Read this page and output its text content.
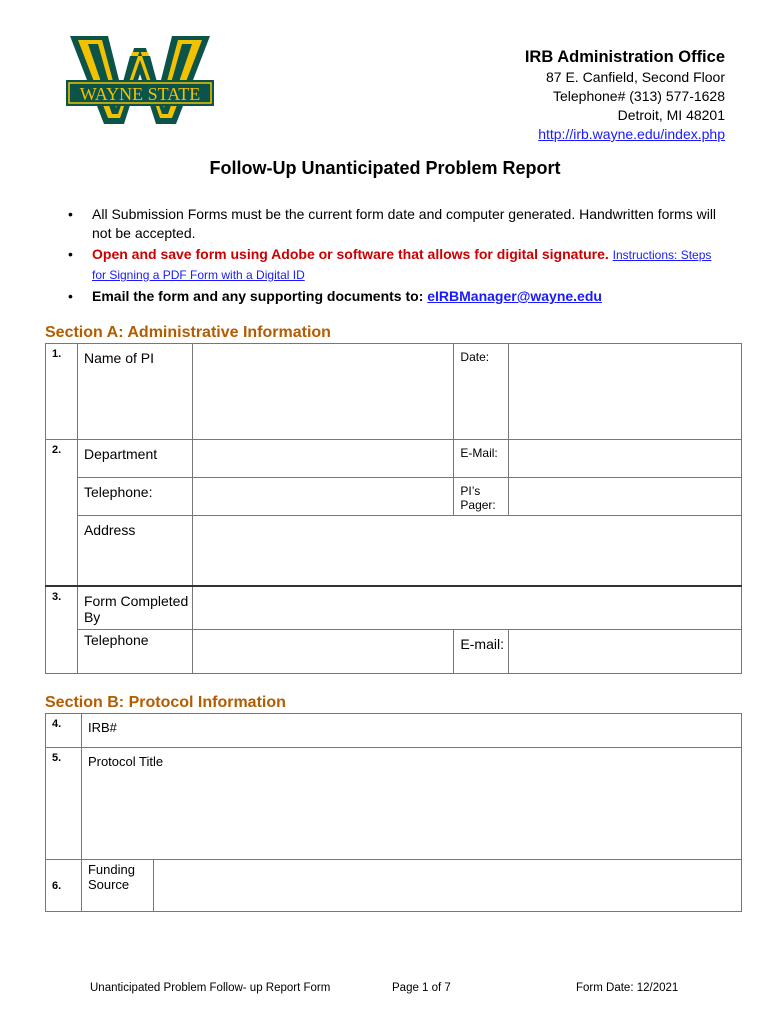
WAYNE STATE
IRB Administration Office
87 E. Canfield, Second Floor
Telephone# (313) 577-1628
Detroit, MI 48201
http://irb.wayne.edu/index.php
Follow-Up Unanticipated Problem Report
• All Submission Forms must be the current form date and computer generated. Handwritten forms will not be accepted.
• Open and save form using Adobe or software that allows for digital signature. Instructions: Steps for Signing a PDF Form with a Digital ID
• Email the form and any supporting documents to: eIRBManager@wayne.edu
Section A: Administrative Information
1.	Name of PI		Date:	
2.	Department		E-Mail:	
	Telephone:		PI’s Pager:	
	Address			
3.	Form Completed By			
	Telephone		E-mail:	
Section B: Protocol Information
4.	IRB#	
5.	Protocol Title	
6.	Funding Source	
Unanticipated Problem Follow- up Report Form	Page 1 of 7	Form Date: 12/2021
